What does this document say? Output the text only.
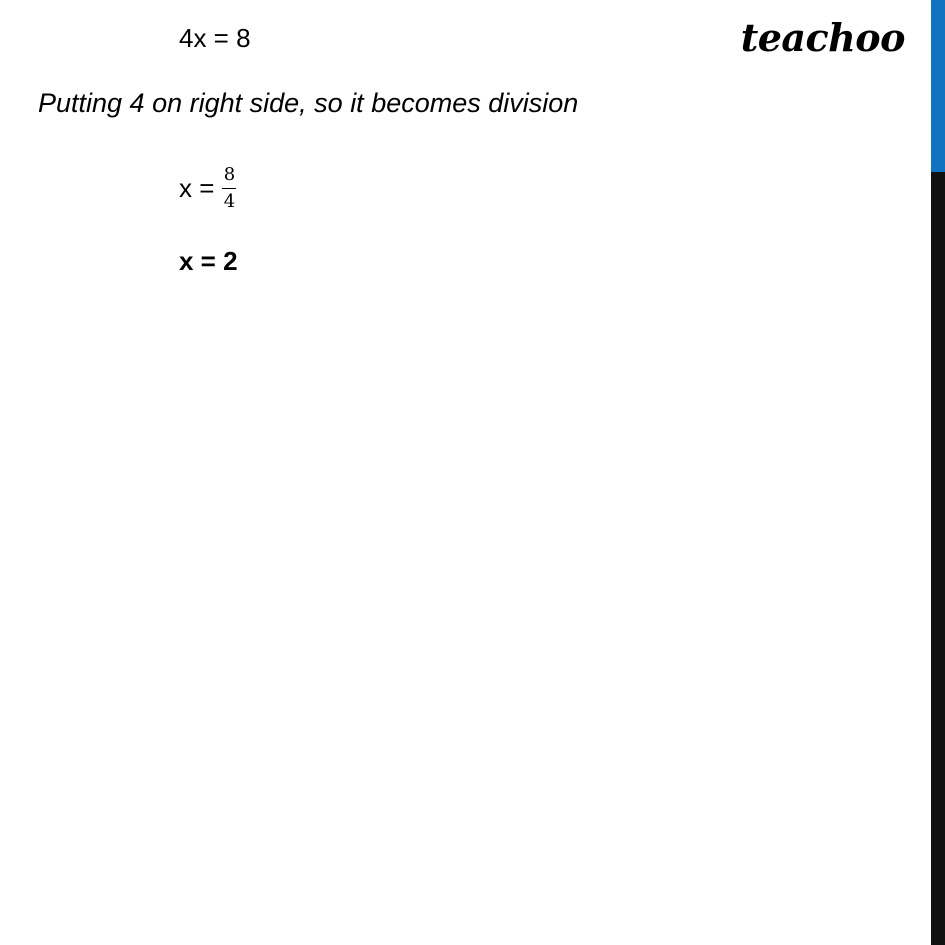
teachoo
4x = 8
Putting 4 on right side, so it becomes division
$x = \frac{8}{4}$
x = 2
